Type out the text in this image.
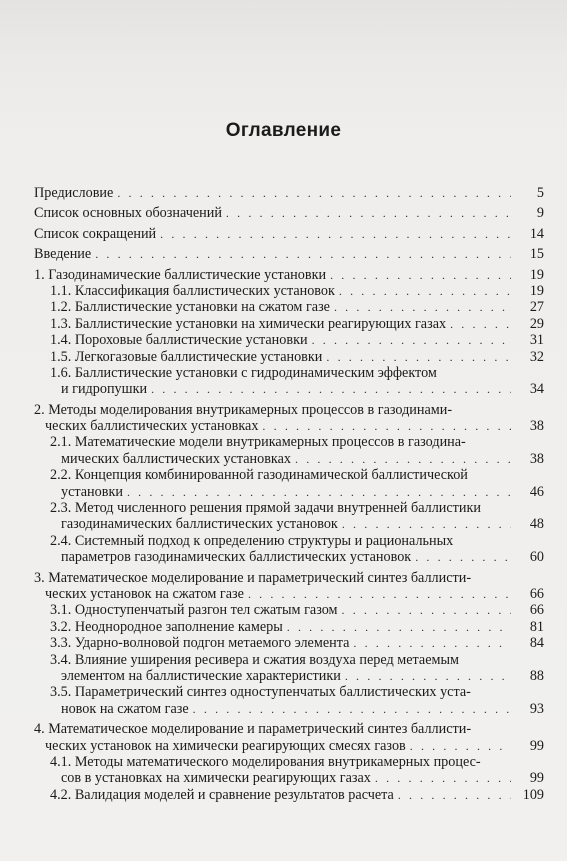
Оглавление
Предисловие . . .	5
Список основных обозначений . . .	9
Список сокращений . . .	14
Введение . . .	15
1. Газодинамические баллистические установки . . .	19
1.1. Классификация баллистических установок . . .	19
1.2. Баллистические установки на сжатом газе . . .	27
1.3. Баллистические установки на химически реагирующих газах . . .	29
1.4. Пороховые баллистические установки . . .	31
1.5. Легкогазовые баллистические установки . . .	32
1.6. Баллистические установки с гидродинамическим эффектом
и гидропушки . . .	34
2. Методы моделирования внутрикамерных процессов в газодинами-
ческих баллистических установках . . .	38
2.1. Математические модели внутрикамерных процессов в газодина-
мических баллистических установках . . .	38
2.2. Концепция комбинированной газодинамической баллистической
установки . . .	46
2.3. Метод численного решения прямой задачи внутренней баллистики
газодинамических баллистических установок . . .	48
2.4. Системный подход к определению структуры и рациональных
параметров газодинамических баллистических установок . . .	60
3. Математическое моделирование и параметрический синтез баллисти-
ческих установок на сжатом газе . . .	66
3.1. Одноступенчатый разгон тел сжатым газом . . .	66
3.2. Неоднородное заполнение камеры . . .	81
3.3. Ударно-волновой подгон метаемого элемента . . .	84
3.4. Влияние уширения ресивера и сжатия воздуха перед метаемым
элементом на баллистические характеристики . . .	88
3.5. Параметрический синтез одноступенчатых баллистических уста-
новок на сжатом газе . . .	93
4. Математическое моделирование и параметрический синтез баллисти-
ческих установок на химически реагирующих смесях газов . . .	99
4.1. Методы математического моделирования внутрикамерных процес-
сов в установках на химически реагирующих газах . . .	99
4.2. Валидация моделей и сравнение результатов расчета . . .	109
